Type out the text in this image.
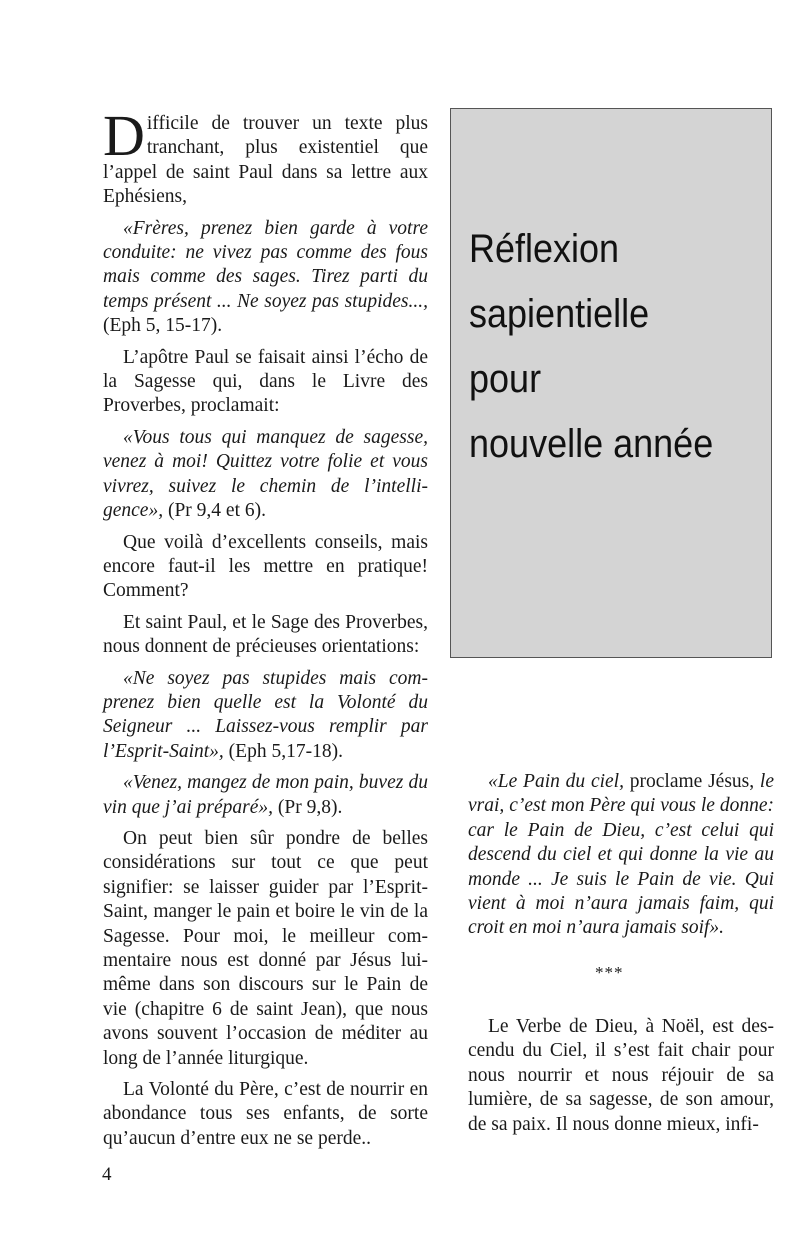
Difficile de trouver un texte plus tranchant, plus existentiel que l’appel de saint Paul dans sa lettre aux Ephésiens,

«Frères, prenez bien garde à votre conduite: ne vivez pas comme des fous mais comme des sages. Tirez parti du temps présent ... Ne soyez pas stupides..., (Eph 5, 15-17).

L’apôtre Paul se faisait ainsi l’écho de la Sagesse qui, dans le Livre des Proverbes, proclamait:

«Vous tous qui manquez de sagesse, venez à moi! Quittez votre folie et vous vivrez, suivez le chemin de l’intelligence», (Pr 9,4 et 6).

Que voilà d’excellents conseils, mais encore faut-il les mettre en pratique! Comment?

Et saint Paul, et le Sage des Proverbes, nous donnent de précieuses orientations:

«Ne soyez pas stupides mais comprenez bien quelle est la Volonté du Seigneur ... Laissez-vous remplir par l’Esprit-Saint», (Eph 5,17-18).

«Venez, mangez de mon pain, buvez du vin que j’ai préparé», (Pr 9,8).

On peut bien sûr pondre de belles considérations sur tout ce que peut signifier: se laisser guider par l’Esprit-Saint, manger le pain et boire le vin de la Sagesse. Pour moi, le meilleur commentaire nous est donné par Jésus lui-même dans son discours sur le Pain de vie (chapitre 6 de saint Jean), que nous avons souvent l’occasion de méditer au long de l’année liturgique.

La Volonté du Père, c’est de nourrir en abondance tous ses enfants, de sorte qu’aucun d’entre eux ne se perde..

Réflexion
sapientielle
pour
nouvelle année

«Le Pain du ciel, proclame Jésus, le vrai, c’est mon Père qui vous le donne: car le Pain de Dieu, c’est celui qui descend du ciel et qui donne la vie au monde ... Je suis le Pain de vie. Qui vient à moi n’aura jamais faim, qui croit en moi n’aura jamais soif».

***

Le Verbe de Dieu, à Noël, est descendu du Ciel, il s’est fait chair pour nous nourrir et nous réjouir de sa lumière, de sa sagesse, de son amour, de sa paix. Il nous donne mieux, infi-

4
